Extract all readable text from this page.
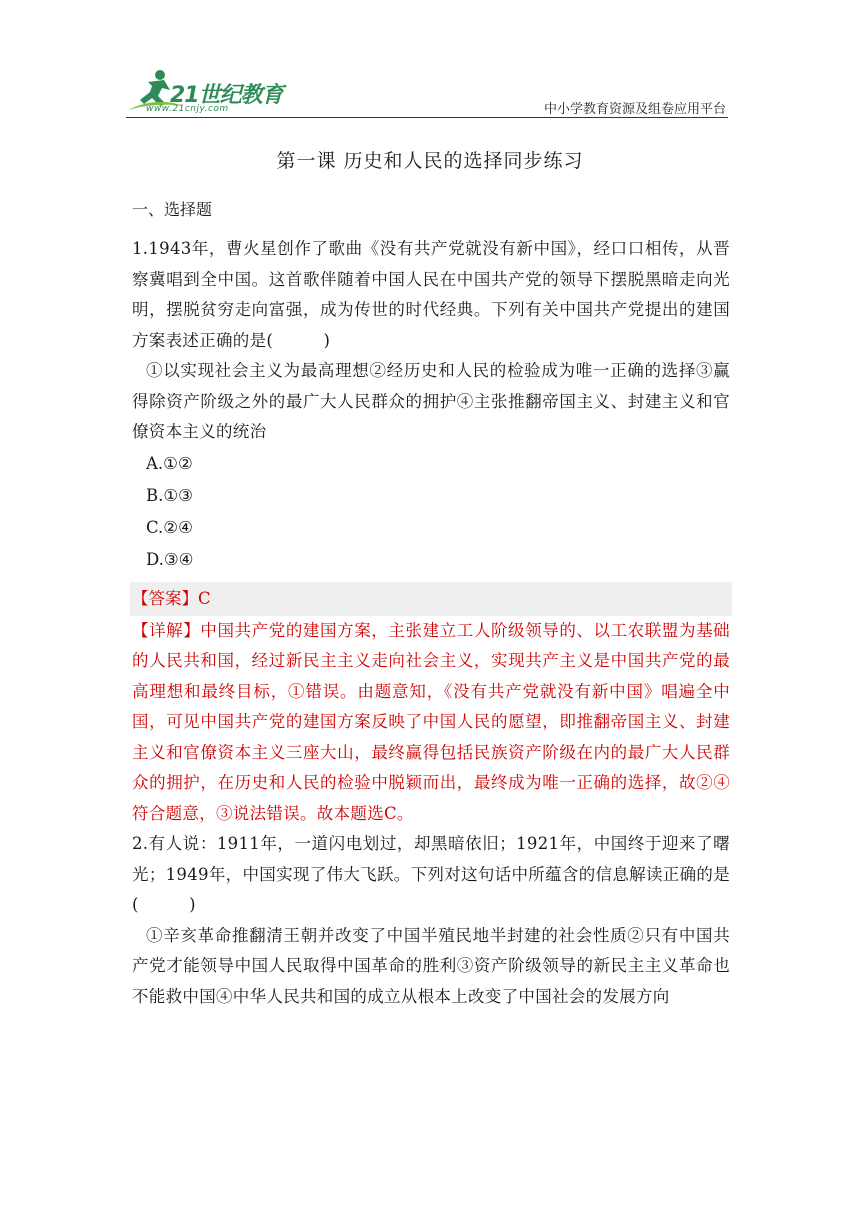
21世纪教育
www.21cnjy.com	中小学教育资源及组卷应用平台
第一课 历史和人民的选择同步练习
一、选择题

1.1943年，曹火星创作了歌曲《没有共产党就没有新中国》，经口口相传，从晋察冀唱到全中国。这首歌伴随着中国人民在中国共产党的领导下摆脱黑暗走向光明，摆脱贫穷走向富强，成为传世的时代经典。下列有关中国共产党提出的建国方案表述正确的是(　　　)

①以实现社会主义为最高理想②经历史和人民的检验成为唯一正确的选择③赢得除资产阶级之外的最广大人民群众的拥护④主张推翻帝国主义、封建主义和官僚资本主义的统治

A.①②

B.①③

C.②④

D.③④

【答案】C

【详解】中国共产党的建国方案，主张建立工人阶级领导的、以工农联盟为基础的人民共和国，经过新民主主义走向社会主义，实现共产主义是中国共产党的最高理想和最终目标，①错误。由题意知，《没有共产党就没有新中国》唱遍全中国，可见中国共产党的建国方案反映了中国人民的愿望，即推翻帝国主义、封建主义和官僚资本主义三座大山，最终赢得包括民族资产阶级在内的最广大人民群众的拥护，在历史和人民的检验中脱颖而出，最终成为唯一正确的选择，故②④符合题意，③说法错误。故本题选C。

2.有人说：1911年，一道闪电划过，却黑暗依旧；1921年，中国终于迎来了曙光；1949年，中国实现了伟大飞跃。下列对这句话中所蕴含的信息解读正确的是(　　　)

①辛亥革命推翻清王朝并改变了中国半殖民地半封建的社会性质②只有中国共产党才能领导中国人民取得中国革命的胜利③资产阶级领导的新民主主义革命也不能救中国④中华人民共和国的成立从根本上改变了中国社会的发展方向
